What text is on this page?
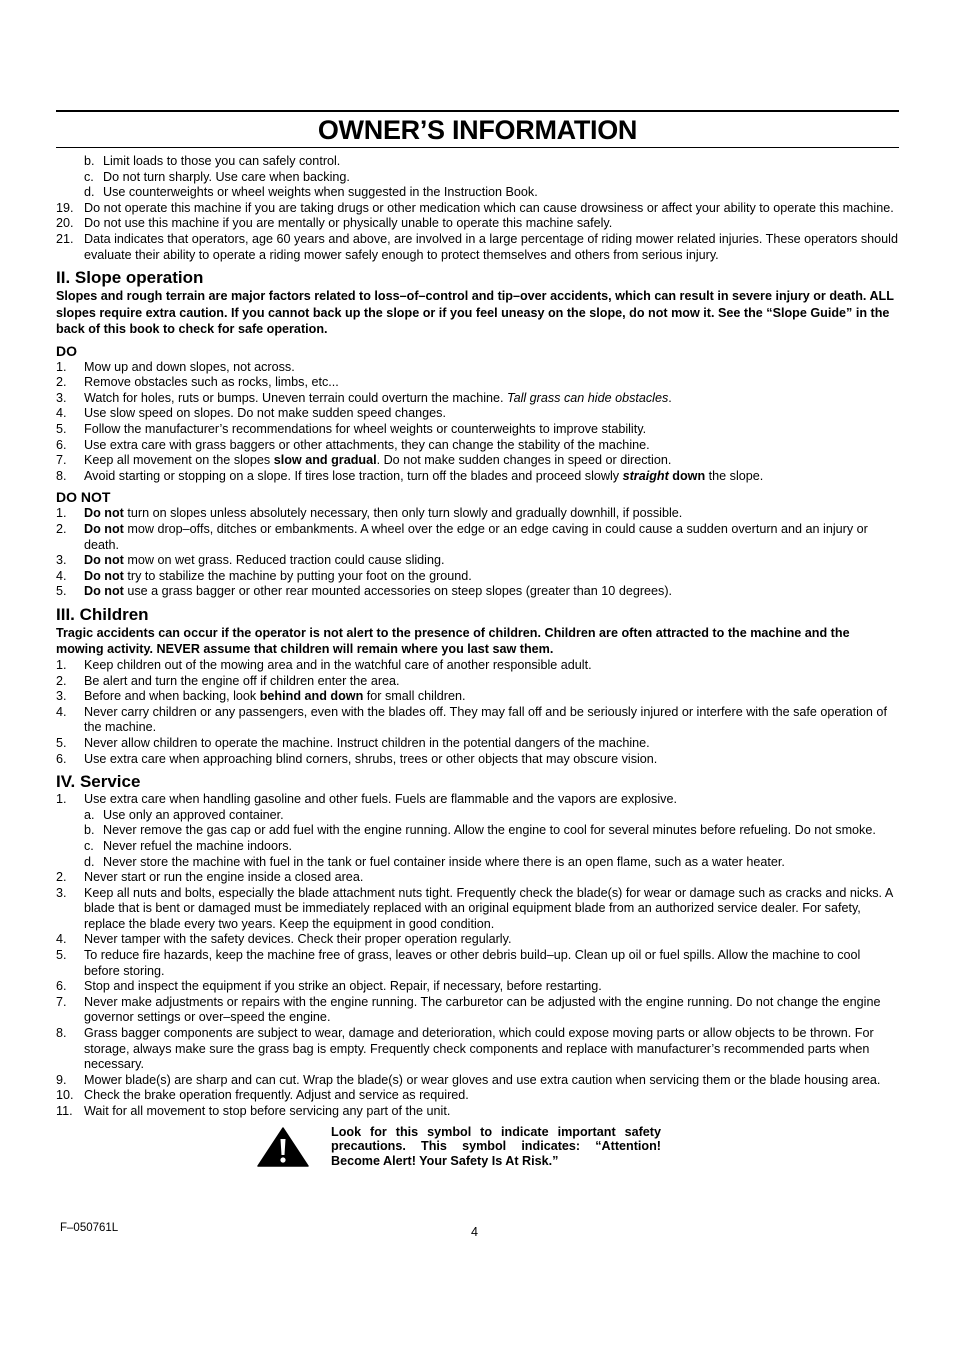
OWNER’S INFORMATION
b. Limit loads to those you can safely control.
c. Do not turn sharply. Use care when backing.
d. Use counterweights or wheel weights when suggested in the Instruction Book.
19. Do not operate this machine if you are taking drugs or other medication which can cause drowsiness or affect your ability to operate this machine.
20. Do not use this machine if you are mentally or physically unable to operate this machine safely.
21. Data indicates that operators, age 60 years and above, are involved in a large percentage of riding mower related injuries. These operators should evaluate their ability to operate a riding mower safely enough to protect themselves and others from serious injury.
II. Slope operation
Slopes and rough terrain are major factors related to loss–of–control and tip–over accidents, which can result in severe injury or death. ALL slopes require extra caution. If you cannot back up the slope or if you feel uneasy on the slope, do not mow it. See the “Slope Guide” in the back of this book to check for safe operation.
DO
1.	Mow up and down slopes, not across.
2.	Remove obstacles such as rocks, limbs, etc...
3.	Watch for holes, ruts or bumps. Uneven terrain could overturn the machine. Tall grass can hide obstacles.
4.	Use slow speed on slopes. Do not make sudden speed changes.
5.	Follow the manufacturer’s recommendations for wheel weights or counterweights to improve stability.
6.	Use extra care with grass baggers or other attachments, they can change the stability of the machine.
7.	Keep all movement on the slopes slow and gradual. Do not make sudden changes in speed or direction.
8.	Avoid starting or stopping on a slope. If tires lose traction, turn off the blades and proceed slowly straight down the slope.
DO NOT
1.	Do not turn on slopes unless absolutely necessary, then only turn slowly and gradually downhill, if possible.
2.	Do not mow drop–offs, ditches or embankments. A wheel over the edge or an edge caving in could cause a sudden overturn and an injury or death.
3.	Do not mow on wet grass. Reduced traction could cause sliding.
4.	Do not try to stabilize the machine by putting your foot on the ground.
5.	Do not use a grass bagger or other rear mounted accessories on steep slopes (greater than 10 degrees).
III. Children
Tragic accidents can occur if the operator is not alert to the presence of children. Children are often attracted to the machine and the mowing activity. NEVER assume that children will remain where you last saw them.
1.	Keep children out of the mowing area and in the watchful care of another responsible adult.
2.	Be alert and turn the engine off if children enter the area.
3.	Before and when backing, look behind and down for small children.
4.	Never carry children or any passengers, even with the blades off. They may fall off and be seriously injured or interfere with the safe operation of the machine.
5.	Never allow children to operate the machine. Instruct children in the potential dangers of the machine.
6.	Use extra care when approaching blind corners, shrubs, trees or other objects that may obscure vision.
IV. Service
1.	Use extra care when handling gasoline and other fuels. Fuels are flammable and the vapors are explosive.
a. Use only an approved container.
b. Never remove the gas cap or add fuel with the engine running. Allow the engine to cool for several minutes before refueling. Do not smoke.
c. Never refuel the machine indoors.
d. Never store the machine with fuel in the tank or fuel container inside where there is an open flame, such as a water heater.
2.	Never start or run the engine inside a closed area.
3.	Keep all nuts and bolts, especially the blade attachment nuts tight. Frequently check the blade(s) for wear or damage such as cracks and nicks. A blade that is bent or damaged must be immediately replaced with an original equipment blade from an authorized service dealer. For safety, replace the blade every two years. Keep the equipment in good condition.
4.	Never tamper with the safety devices. Check their proper operation regularly.
5.	To reduce fire hazards, keep the machine free of grass, leaves or other debris build–up. Clean up oil or fuel spills. Allow the machine to cool before storing.
6.	Stop and inspect the equipment if you strike an object. Repair, if necessary, before restarting.
7.	Never make adjustments or repairs with the engine running. The carburetor can be adjusted with the engine running. Do not change the engine governor settings or over–speed the engine.
8.	Grass bagger components are subject to wear, damage and deterioration, which could expose moving parts or allow objects to be thrown. For storage, always make sure the grass bag is empty. Frequently check components and replace with manufacturer’s recommended parts when necessary.
9.	Mower blade(s) are sharp and can cut. Wrap the blade(s) or wear gloves and use extra caution when servicing them or the blade housing area.
10. Check the brake operation frequently. Adjust and service as required.
11. Wait for all movement to stop before servicing any part of the unit.
Look for this symbol to indicate important safety precautions. This symbol indicates: “Attention! Become Alert! Your Safety Is At Risk.”
F–050761L	4
